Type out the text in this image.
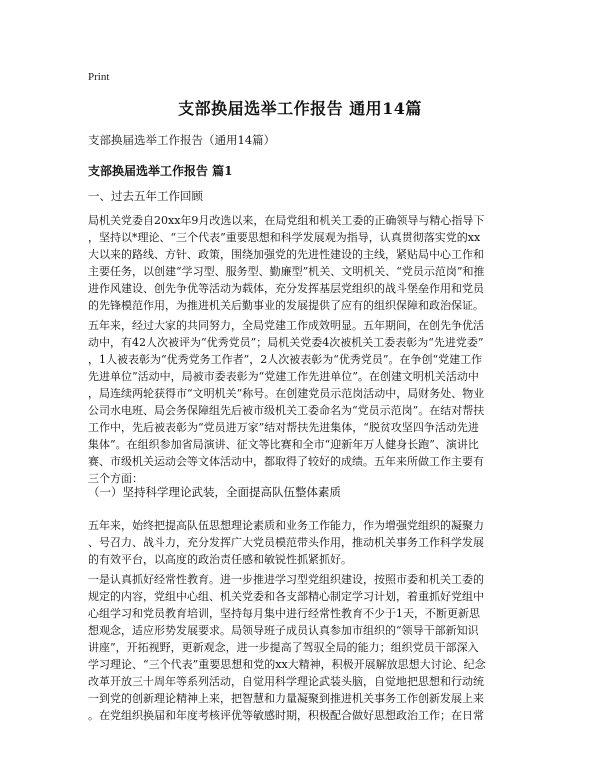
Print
支部换届选举工作报告 通用14篇
支部换届选举工作报告（通用14篇）
支部换届选举工作报告 篇1
一、过去五年工作回顾
局机关党委自20xx年9月改选以来，在局党组和机关工委的正确领导与精心指导下
，坚持以*理论、“三个代表”重要思想和科学发展观为指导，认真贯彻落实党的xx
大以来的路线、方针、政策，围绕加强党的先进性建设的主线，紧贴局中心工作和
主要任务，以创建“学习型、服务型、勤廉型”机关、文明机关、“党员示范岗”和推
进作风建设、创先争优等活动为载体，充分发挥基层党组织的战斗堡垒作用和党员
的先锋模范作用，为推进机关后勤事业的发展提供了应有的组织保障和政治保证。
五年来，经过大家的共同努力，全局党建工作成效明显。五年期间，在创先争优活
动中，有42人次被评为“优秀党员”；局机关党委4次被机关工委表彰为“先进党委”
，1人被表彰为“优秀党务工作者”，2人次被表彰为“优秀党员”。在争创“党建工作
先进单位”活动中，局被市委表彰为“党建工作先进单位”。在创建文明机关活动中
，局连续两轮获得市“文明机关”称号。在创建党员示范岗活动中，局财务处、物业
公司水电班、局会务保障组先后被市级机关工委命名为“党员示范岗”。在结对帮扶
工作中，先后被表彰为“党员进万家”结对帮扶先进集体，“脱贫攻坚四争活动先进
集体”。在组织参加省局演讲、征文等比赛和全市“迎新年万人健身长跑”、演讲比
赛、市级机关运动会等文体活动中，都取得了较好的成绩。五年来所做工作主要有
三个方面：
（一）坚持科学理论武装，全面提高队伍整体素质
五年来，始终把提高队伍思想理论素质和业务工作能力，作为增强党组织的凝聚力
、号召力、战斗力，充分发挥广大党员模范带头作用，推动机关事务工作科学发展
的有效平台，以高度的政治责任感和敏锐性抓紧抓好。
一是认真抓好经常性教育。进一步推进学习型党组织建设，按照市委和机关工委的
规定的内容，党组中心组、机关党委和各支部精心制定学习计划，着重抓好党组中
心组学习和党员教育培训，坚持每月集中进行经常性教育不少于1天，不断更新思
想观念，适应形势发展要求。局领导班子成员认真参加市组织的“领导干部新知识
讲座”，开拓视野，更新观念，进一步提高了驾驭全局的能力；组织党员干部深入
学习理论、“三个代表”重要思想和党的xx大精神，积极开展解放思想大讨论、纪念
改革开放三十周年等系列活动，自觉用科学理论武装头脑，自觉地把思想和行动统
一到党的创新理论精神上来，把智慧和力量凝聚到推进机关事务工作创新发展上来
。在党组织换届和年度考核评优等敏感时期，积极配合做好思想政治工作；在日常
